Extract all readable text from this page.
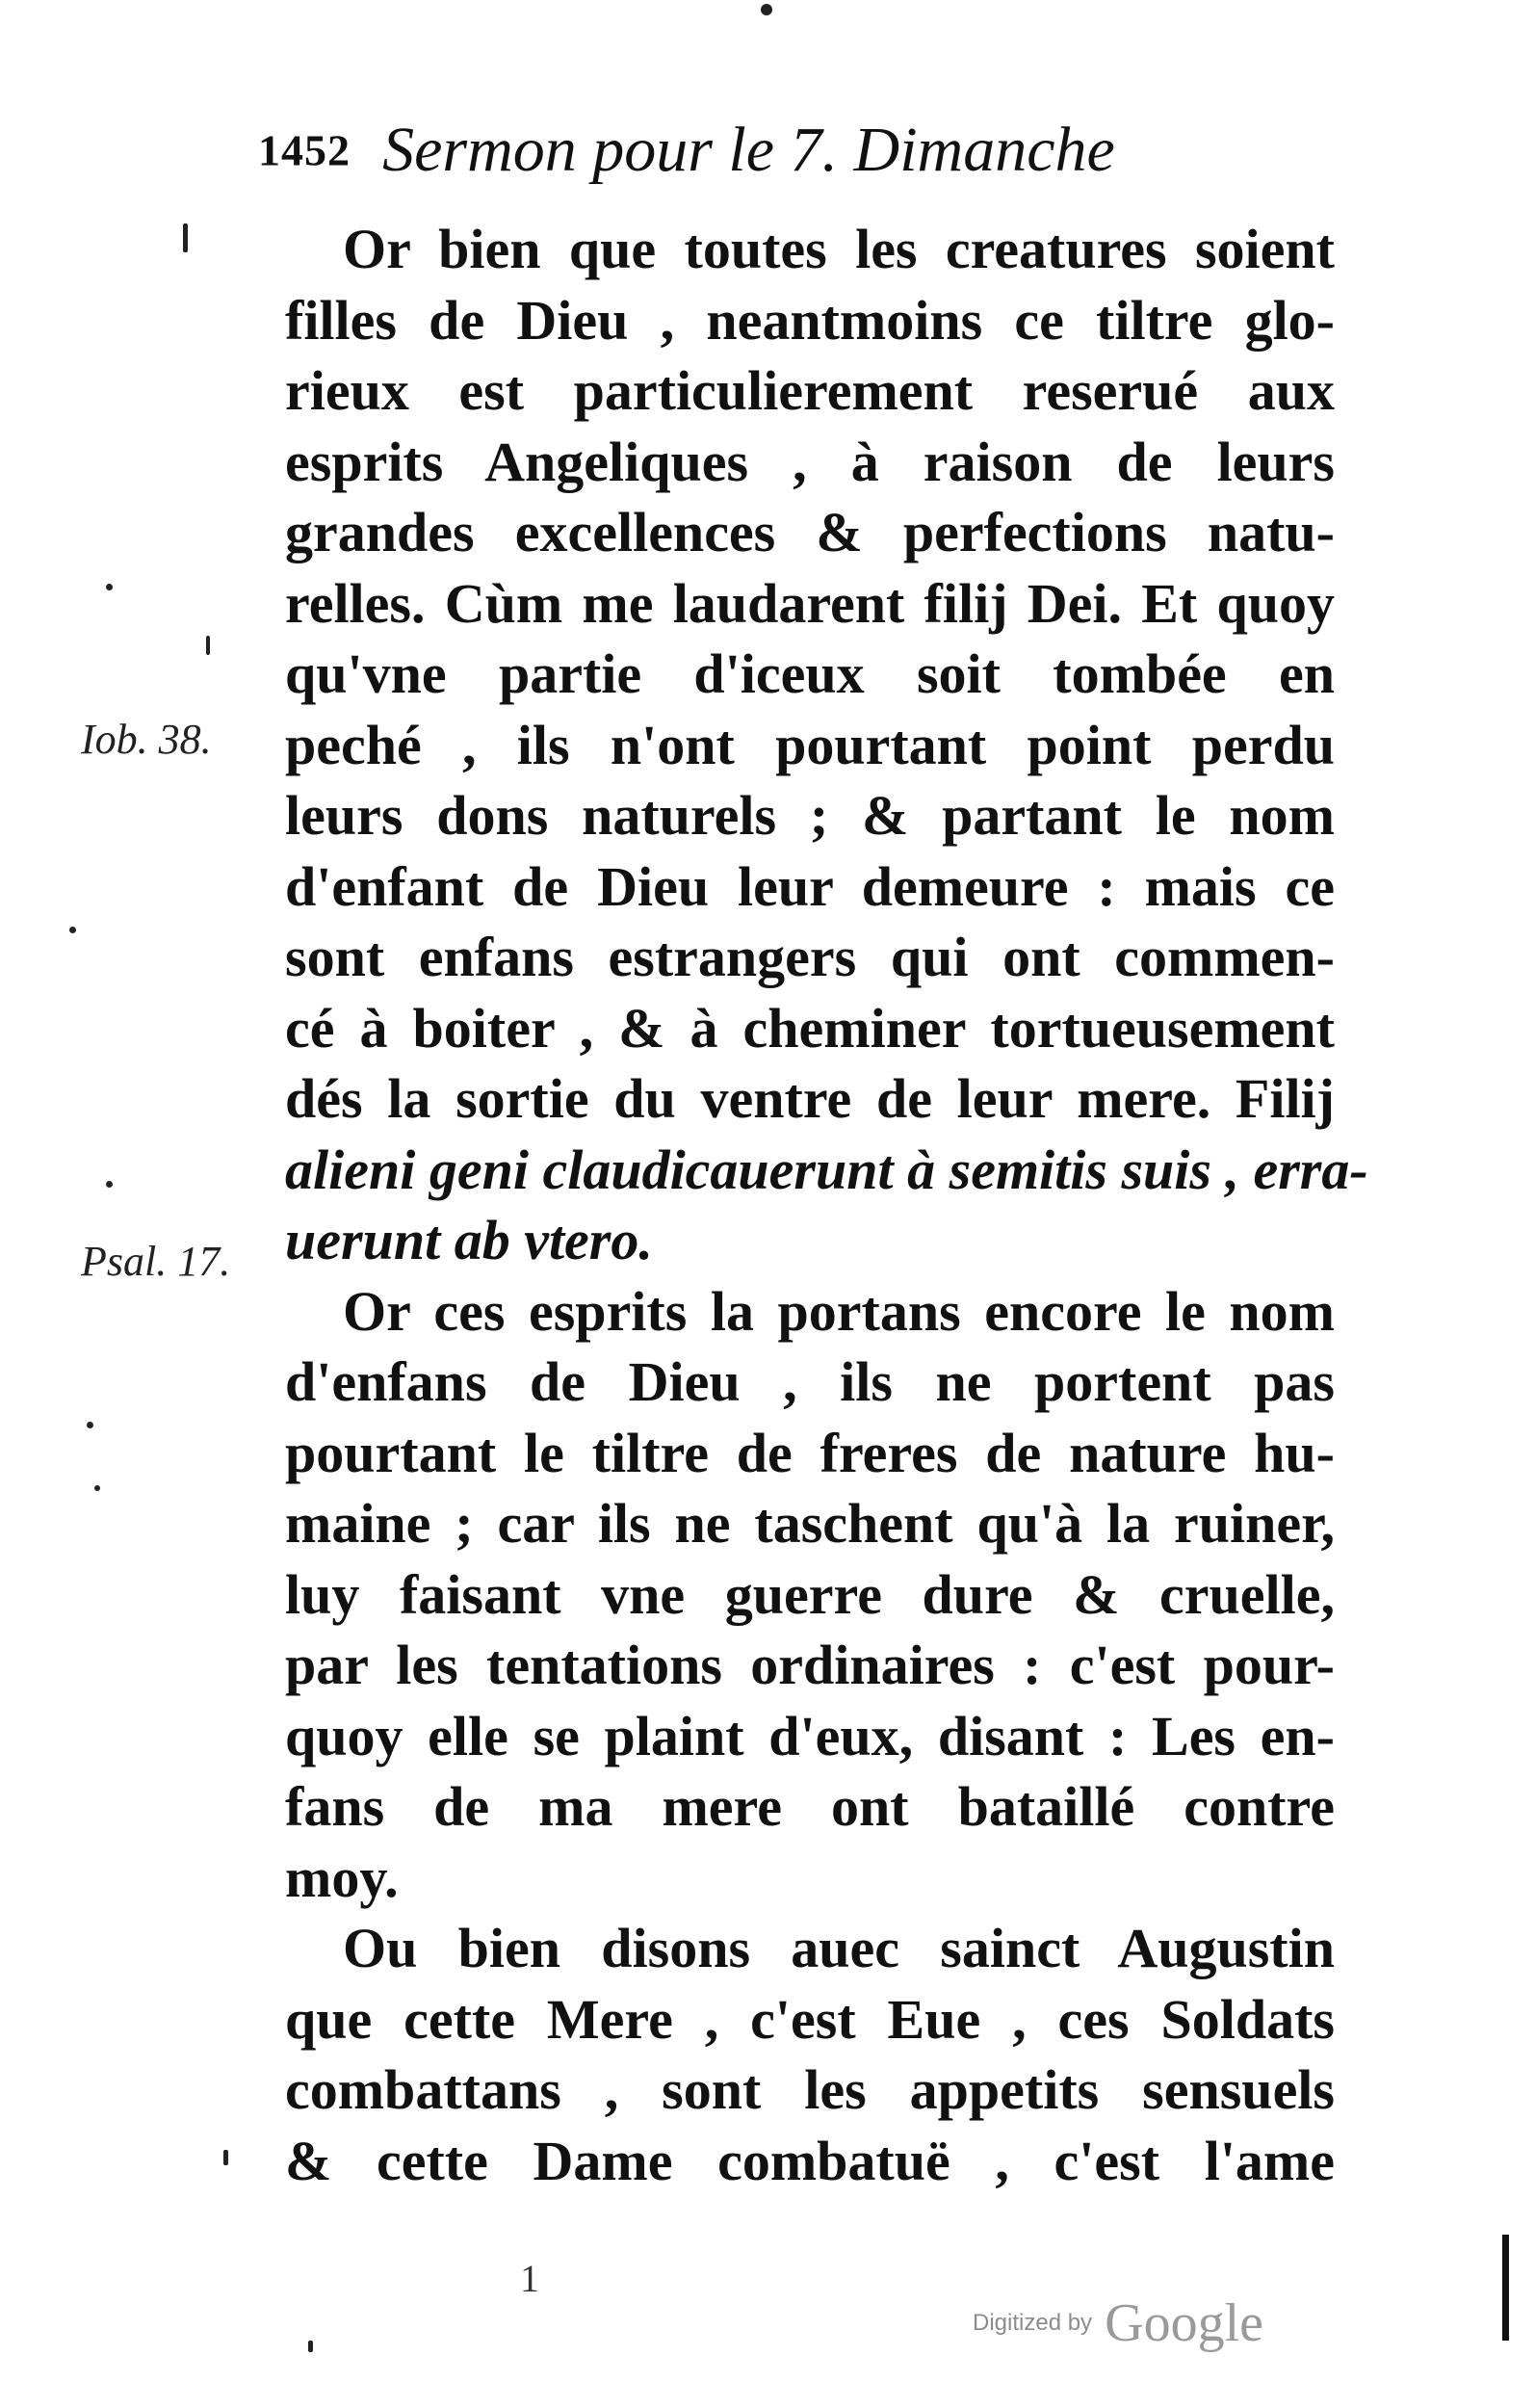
1452 Sermon pour le 7. Dimanche
Iob. 38.
Psal. 17.
Or bien que toutes les creatures soient
filles de Dieu , neantmoins ce tiltre glo-
rieux est particulierement reserué aux
esprits Angeliques , à raison de leurs
grandes excellences & perfections natu-
relles. Cùm me laudarent filij Dei. Et quoy
qu'vne partie d'iceux soit tombée en
peché , ils n'ont pourtant point perdu
leurs dons naturels ; & partant le nom
d'enfant de Dieu leur demeure : mais ce
sont enfans estrangers qui ont commen-
cé à boiter , & à cheminer tortueusement
dés la sortie du ventre de leur mere. Filij
alieni geni claudicauerunt à semitis suis , erra-
uerunt ab vtero.
Or ces esprits la portans encore le nom
d'enfans de Dieu , ils ne portent pas
pourtant le tiltre de freres de nature hu-
maine ; car ils ne taschent qu'à la ruiner,
luy faisant vne guerre dure & cruelle,
par les tentations ordinaires : c'est pour-
quoy elle se plaint d'eux, disant : Les en-
fans de ma mere ont bataillé contre
moy.
Ou bien disons auec sainct Augustin
que cette Mere , c'est Eue , ces Soldats
combattans , sont les appetits sensuels
& cette Dame combatuë , c'est l'ame
1
Digitized by Google
